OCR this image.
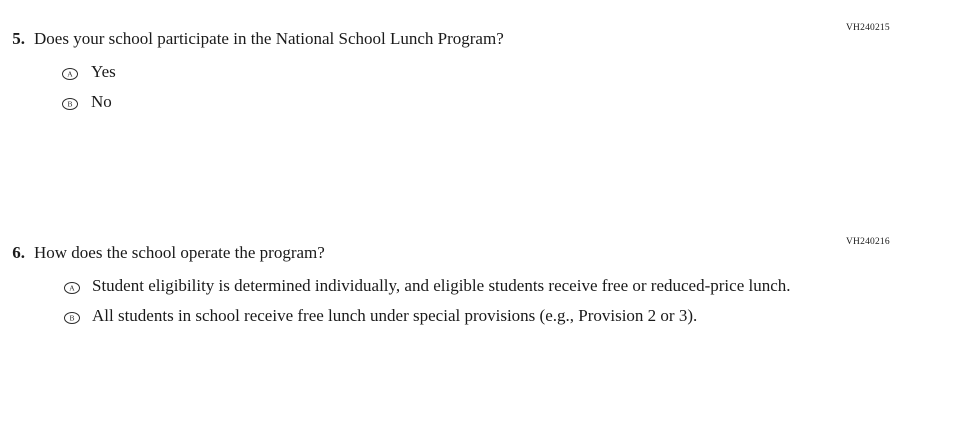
VH240215
5. Does your school participate in the National School Lunch Program?
A Yes
B No
VH240216
6. How does the school operate the program?
A Student eligibility is determined individually, and eligible students receive free or reduced-price lunch.
B All students in school receive free lunch under special provisions (e.g., Provision 2 or 3).
